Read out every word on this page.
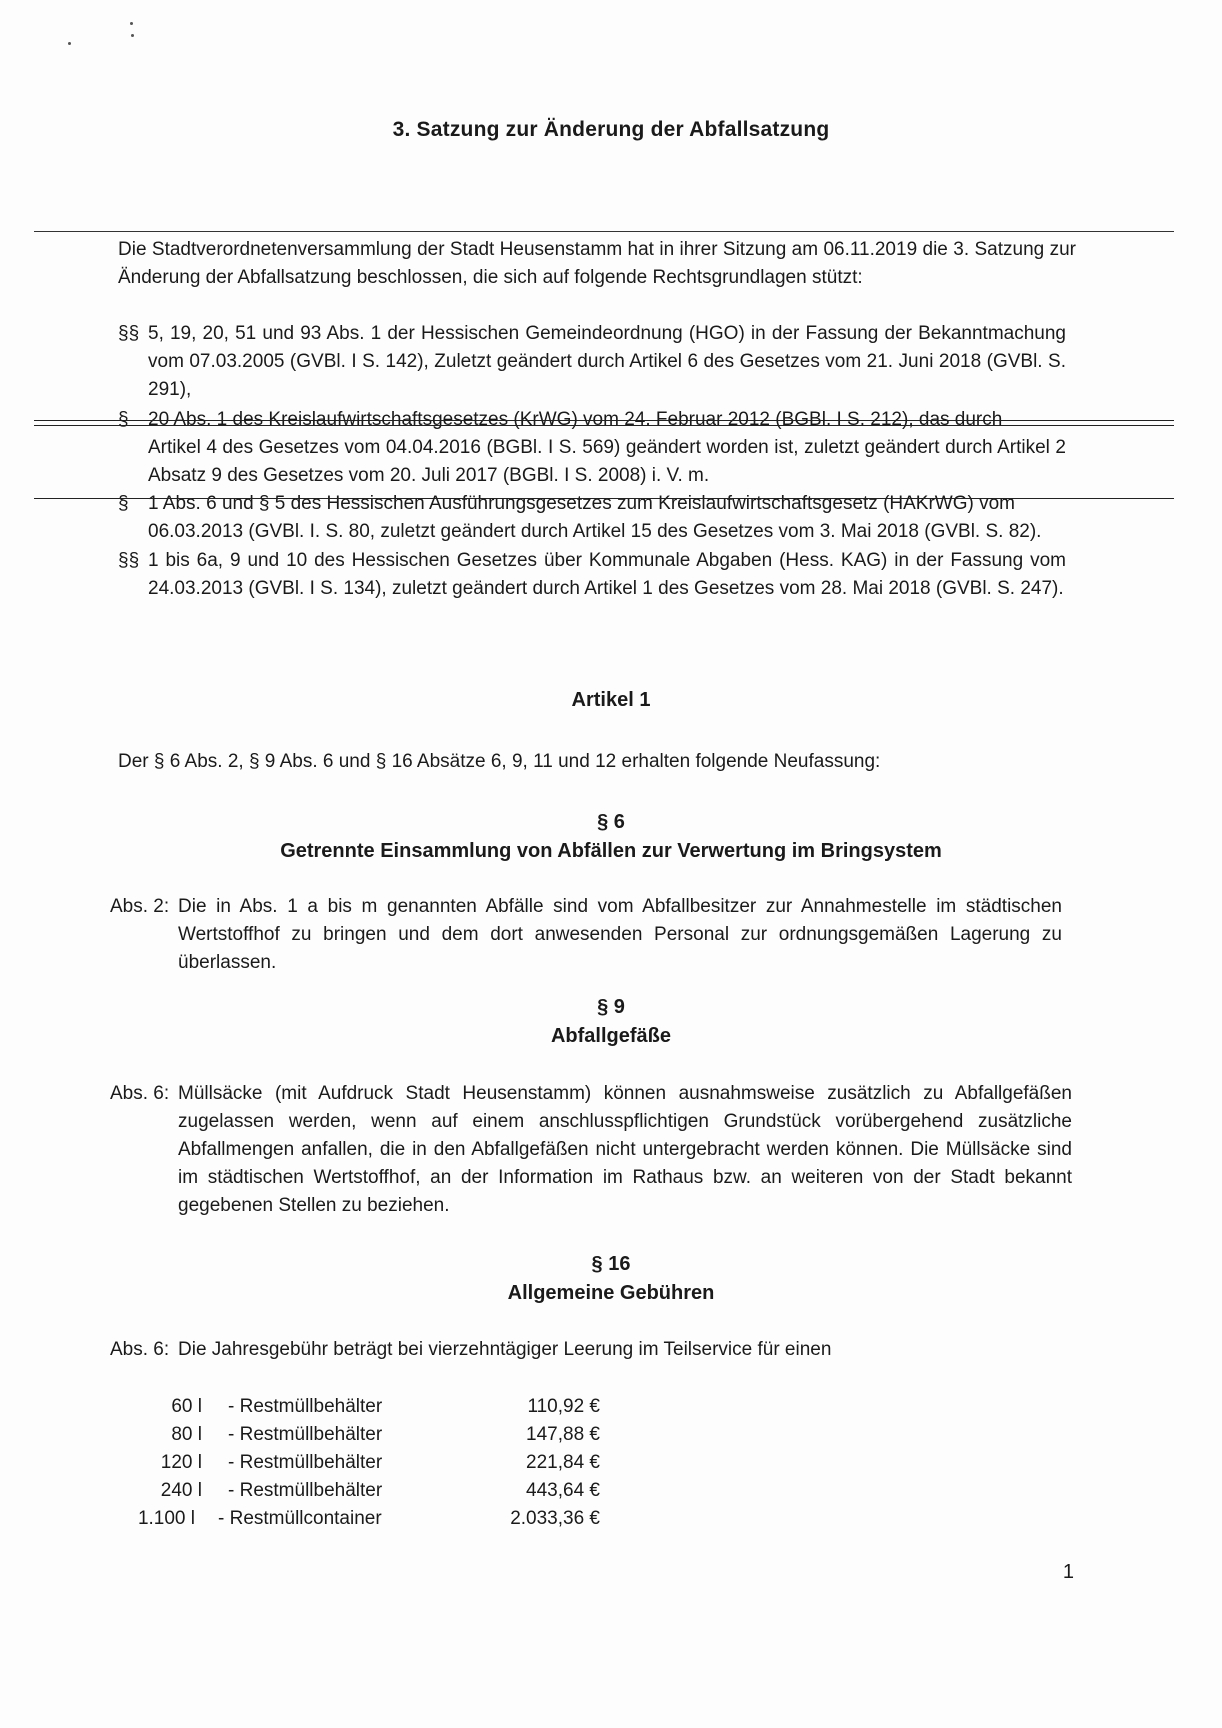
3. Satzung zur Änderung der Abfallsatzung
Die Stadtverordnetenversammlung der Stadt Heusenstamm hat in ihrer Sitzung am 06.11.2019 die 3. Satzung zur Änderung der Abfallsatzung beschlossen, die sich auf folgende Rechtsgrundlagen stützt:
§§ 5, 19, 20, 51 und 93 Abs. 1 der Hessischen Gemeindeordnung (HGO) in der Fassung der Bekanntmachung vom 07.03.2005 (GVBl. I S. 142), Zuletzt geändert durch Artikel 6 des Gesetzes vom 21. Juni 2018 (GVBl. S. 291),
§ 20 Abs. 1 des Kreislaufwirtschaftsgesetzes (KrWG) vom 24. Februar 2012 (BGBl. I S. 212), das durch
Artikel 4 des Gesetzes vom 04.04.2016 (BGBl. I S. 569) geändert worden ist, zuletzt geändert durch Artikel 2 Absatz 9 des Gesetzes vom 20. Juli 2017 (BGBl. I S. 2008) i. V. m.
§ 1 Abs. 6 und § 5 des Hessischen Ausführungsgesetzes zum Kreislaufwirtschaftsgesetz (HAKrWG) vom
06.03.2013 (GVBl. I. S. 80, zuletzt geändert durch Artikel 15 des Gesetzes vom 3. Mai 2018 (GVBl. S. 82).
§§ 1 bis 6a, 9 und 10 des Hessischen Gesetzes über Kommunale Abgaben (Hess. KAG) in der Fassung vom 24.03.2013 (GVBl. I S. 134), zuletzt geändert durch Artikel 1 des Gesetzes vom 28. Mai 2018 (GVBl. S. 247).
Artikel 1
Der § 6 Abs. 2, § 9 Abs. 6 und § 16 Absätze 6, 9, 11 und 12 erhalten folgende Neufassung:
§ 6
Getrennte Einsammlung von Abfällen zur Verwertung im Bringsystem
Abs. 2: Die in Abs. 1 a bis m genannten Abfälle sind vom Abfallbesitzer zur Annahmestelle im städtischen Wertstoffhof zu bringen und dem dort anwesenden Personal zur ordnungsgemäßen Lagerung zu überlassen.
§ 9
Abfallgefäße
Abs. 6: Müllsäcke (mit Aufdruck Stadt Heusenstamm) können ausnahmsweise zusätzlich zu Abfallgefäßen zugelassen werden, wenn auf einem anschlusspflichtigen Grundstück vorübergehend zusätzliche Abfallmengen anfallen, die in den Abfallgefäßen nicht untergebracht werden können. Die Müllsäcke sind im städtischen Wertstoffhof, an der Information im Rathaus bzw. an weiteren von der Stadt bekannt gegebenen Stellen zu beziehen.
§ 16
Allgemeine Gebühren
Abs. 6: Die Jahresgebühr beträgt bei vierzehntägiger Leerung im Teilservice für einen
60 l - Restmüllbehälter	110,92 €
80 l - Restmüllbehälter	147,88 €
120 l - Restmüllbehälter	221,84 €
240 l - Restmüllbehälter	443,64 €
1.100 l - Restmüllcontainer	2.033,36 €
1
